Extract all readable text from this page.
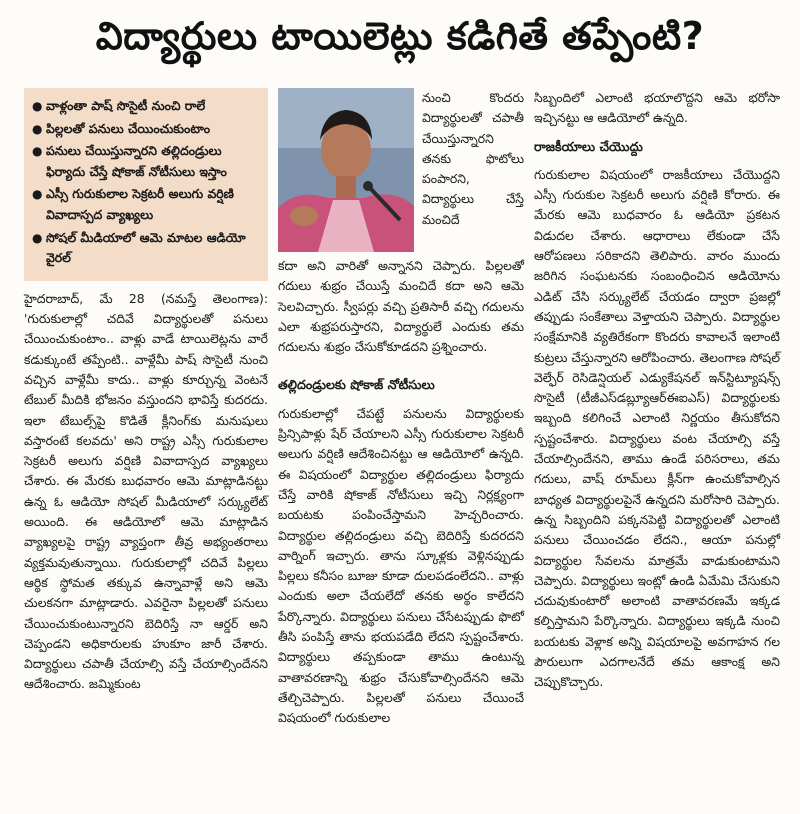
విద్యార్థులు టాయిలెట్లు కడిగితే తప్పేంటి?
● వాళ్లంతా పాష్ సొసైటీ నుంచి రాలే
● పిల్లలతో పనులు చేయించుకుంటాం
● పనులు చేయిస్తున్నారని తల్లిదండ్రులు ఫిర్యాదు చేస్తే షోకాజ్ నోటీసులు ఇస్తాం
● ఎస్సీ గురుకులాల సెక్రటరీ అలుగు వర్షిణి వివాదాస్పద వ్యాఖ్యలు
● సోషల్ మీడియాలో ఆమె మాటల ఆడియో వైరల్

హైదరాబాద్, మే 28 (నమస్తే తెలంగాణ): 'గురుకులాల్లో చదివే విద్యార్థులతో పనులు చేయించుకుంటాం.. వాళ్లు వాడే టాయిలెట్లను వారే కడుక్కుంటే తప్పేంటి.. వాళ్లేమీ పాష్ సొసైటీ నుంచి వచ్చిన వాళ్లేమీ కాదు.. వాళ్లు కూర్చున్న వెంటనే టేబుల్ మీదికి భోజనం వస్తుందని భావిస్తే కుదరదు. ఇలా టేబుల్స్‌పై కొడితే క్లీనింగ్‌కు మనుషులు వస్తారంటే కలవదు' అని రాష్ట్ర ఎస్సీ గురుకులాల సెక్రటరీ అలుగు వర్షిణి వివాదాస్పద వ్యాఖ్యలు చేశారు. ఈ మేరకు బుధవారం ఆమె మాట్లాడినట్టు ఉన్న ఓ ఆడియో సోషల్ మీడియాలో సర్క్యులేట్ అయింది. ఈ ఆడియోలో ఆమె మాట్లాడిన వ్యాఖ్యలపై రాష్ట్ర వ్యాప్తంగా తీవ్ర అభ్యంతరాలు వ్యక్తమవుతున్నాయి. గురుకులాల్లో చదివే పిల్లలు ఆర్థిక స్థోమత తక్కువ ఉన్నావాళ్లే అని ఆమె చులకనగా మాట్లాడారు. ఎవరైనా పిల్లలతో పనులు చేయించుకుంటున్నారని బెదిరిస్తే నా ఆర్డర్ అని చెప్పండని అధికారులకు హుకూం జారీ చేశారు. విద్యార్థులు చపాతీ చేయాల్సి వస్తే చేయాల్సిందేనని ఆదేశించారు. జమ్మికుంట

నుంచి కొందరు విద్యార్థులతో చపాతీ చేయిస్తున్నారని తనకు ఫొటోలు పంపారని, విద్యార్థులు చేస్తే మంచిదే

కదా అని వారితో అన్నానని చెప్పారు. పిల్లలతో గదులు శుభ్రం చేయిస్తే మంచిదే కదా అని ఆమె సెలవిచ్చారు. స్వీపర్లు వచ్చి ప్రతిసారీ వచ్చి గదులను ఎలా శుభ్రపరుస్తారని, విద్యార్థులే ఎందుకు తమ గదులను శుభ్రం చేసుకోకూడదని ప్రశ్నించారు.

తల్లిదండ్రులకు షోకాజ్ నోటీసులు

గురుకులాల్లో చేపట్టే పనులను విద్యార్థులకు ప్రిన్సిపాళ్లు షేర్ చేయాలని ఎస్సీ గురుకులాల సెక్రటరీ అలుగు వర్షిణి ఆదేశించినట్టు ఆ ఆడియోలో ఉన్నది. ఈ విషయంలో విద్యార్థుల తల్లిదండ్రులు ఫిర్యాదు చేస్తే వారికి షోకాజ్ నోటీసులు ఇచ్చి నిర్లక్ష్యంగా బయటకు పంపించేస్తామని హెచ్చరించారు. విద్యార్థుల తల్లిదండ్రులు వచ్చి బెదిరిస్తే కుదరదని వార్నింగ్ ఇచ్చారు. తాను స్కూళ్లకు వెళ్లినప్పుడు పిల్లలు కనీసం బూజు కూడా దులపడంలేదని.. వాళ్లు ఎందుకు అలా చేయలేదో తనకు అర్థం కాలేదని పేర్కొన్నారు. విద్యార్థులు పనులు చేసేటప్పుడు ఫొటో తీసి పంపిస్తే తాను భయపడేది లేదని స్పష్టంచేశారు. విద్యార్థులు తప్పకుండా తాము ఉంటున్న వాతావరణాన్ని శుభ్రం చేసుకోవాల్సిందేనని ఆమె తేల్చిచెప్పారు. పిల్లలతో పనులు చేయించే విషయంలో గురుకులాల

సిబ్బందిలో ఎలాంటి భయాలొద్దని ఆమె భరోసా ఇచ్చినట్టు ఆ ఆడియోలో ఉన్నది.

రాజకీయాలు చేయొద్దు

గురుకులాల విషయంలో రాజకీయాలు చేయొద్దని ఎస్సీ గురుకుల సెక్రటరీ అలుగు వర్షిణి కోరారు. ఈ మేరకు ఆమె బుధవారం ఓ ఆడియో ప్రకటన విడుదల చేశారు. ఆధారాలు లేకుండా చేసే ఆరోపణలు సరికాదని తెలిపారు. వారం ముందు జరిగిన సంఘటనకు సంబంధించిన ఆడియోను ఎడిట్ చేసి సర్క్యులేట్ చేయడం ద్వారా ప్రజల్లో తప్పుడు సంకేతాలు వెళ్తాయని చెప్పారు. విద్యార్థుల సంక్షేమానికి వ్యతిరేకంగా కొందరు కావాలనే ఇలాంటి కుట్రలు చేస్తున్నారని ఆరోపించారు. తెలంగాణ సోషల్ వెల్ఫేర్ రెసిడెన్షియల్ ఎడ్యుకేషనల్ ఇన్‌స్టిట్యూషన్స్ సొసైటీ (టీజీఎస్‌డబ్ల్యూఆర్ఈఐఎస్) విద్యార్థులకు ఇబ్బంది కలిగించే ఎలాంటి నిర్ణయం తీసుకోదని స్పష్టంచేశారు. విద్యార్థులు వంట చేయాల్సి వస్తే చేయాల్సిందేనని, తాము ఉండే పరిసరాలు, తమ గదులు, వాష్ రూమ్‌లు క్లీన్‌గా ఉంచుకోవాల్సిన బాధ్యత విద్యార్థులపైనే ఉన్నదని మరోసారి చెప్పారు. ఉన్న సిబ్బందిని పక్కనపెట్టి విద్యార్థులతో ఎలాంటి పనులు చేయించడం లేదని., ఆయా పనుల్లో విద్యార్థుల సేవలను మాత్రమే వాడుకుంటామని చెప్పారు. విద్యార్థులు ఇంట్లో ఉండి ఏమేమి చేసుకుని చదువుకుంటారో అలాంటి వాతావరణమే ఇక్కడ కల్పిస్తామని పేర్కొన్నారు. విద్యార్థులు ఇక్కడి నుంచి బయటకు వెళ్లాక అన్ని విషయాలపై అవగాహన గల పౌరులుగా ఎదగాలనేదే తమ ఆకాంక్ష అని చెప్పుకొచ్చారు.
